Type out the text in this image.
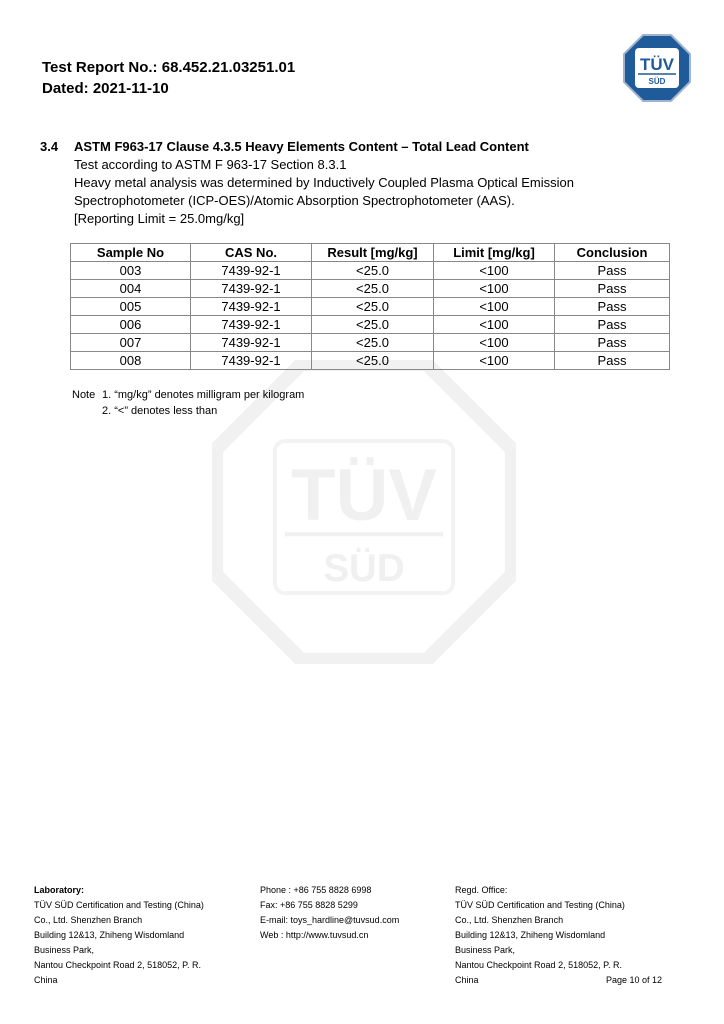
Test Report No.: 68.452.21.03251.01
Dated: 2021-11-10
TÜV
SÜD
TÜV
SÜD
3.4 ASTM F963-17 Clause 4.3.5 Heavy Elements Content – Total Lead Content
Test according to ASTM F 963-17 Section 8.3.1
Heavy metal analysis was determined by Inductively Coupled Plasma Optical Emission
Spectrophotometer (ICP-OES)/Atomic Absorption Spectrophotometer (AAS).
[Reporting Limit = 25.0mg/kg]
Sample No	CAS No.	Result [mg/kg]	Limit [mg/kg]	Conclusion
003	7439-92-1	<25.0	<100	Pass
004	7439-92-1	<25.0	<100	Pass
005	7439-92-1	<25.0	<100	Pass
006	7439-92-1	<25.0	<100	Pass
007	7439-92-1	<25.0	<100	Pass
008	7439-92-1	<25.0	<100	Pass
Note 1. “mg/kg” denotes milligram per kilogram
2. “<” denotes less than
Laboratory:
TÜV SÜD Certification and Testing (China)
Co., Ltd. Shenzhen Branch
Building 12&13, Zhiheng Wisdomland
Business Park,
Nantou Checkpoint Road 2, 518052, P. R.
China
Phone : +86 755 8828 6998
Fax: +86 755 8828 5299
E-mail: toys_hardline@tuvsud.com
Web : http://www.tuvsud.cn
Regd. Office:
TÜV SÜD Certification and Testing (China)
Co., Ltd. Shenzhen Branch
Building 12&13, Zhiheng Wisdomland
Business Park,
Nantou Checkpoint Road 2, 518052, P. R.
China	Page 10 of 12
